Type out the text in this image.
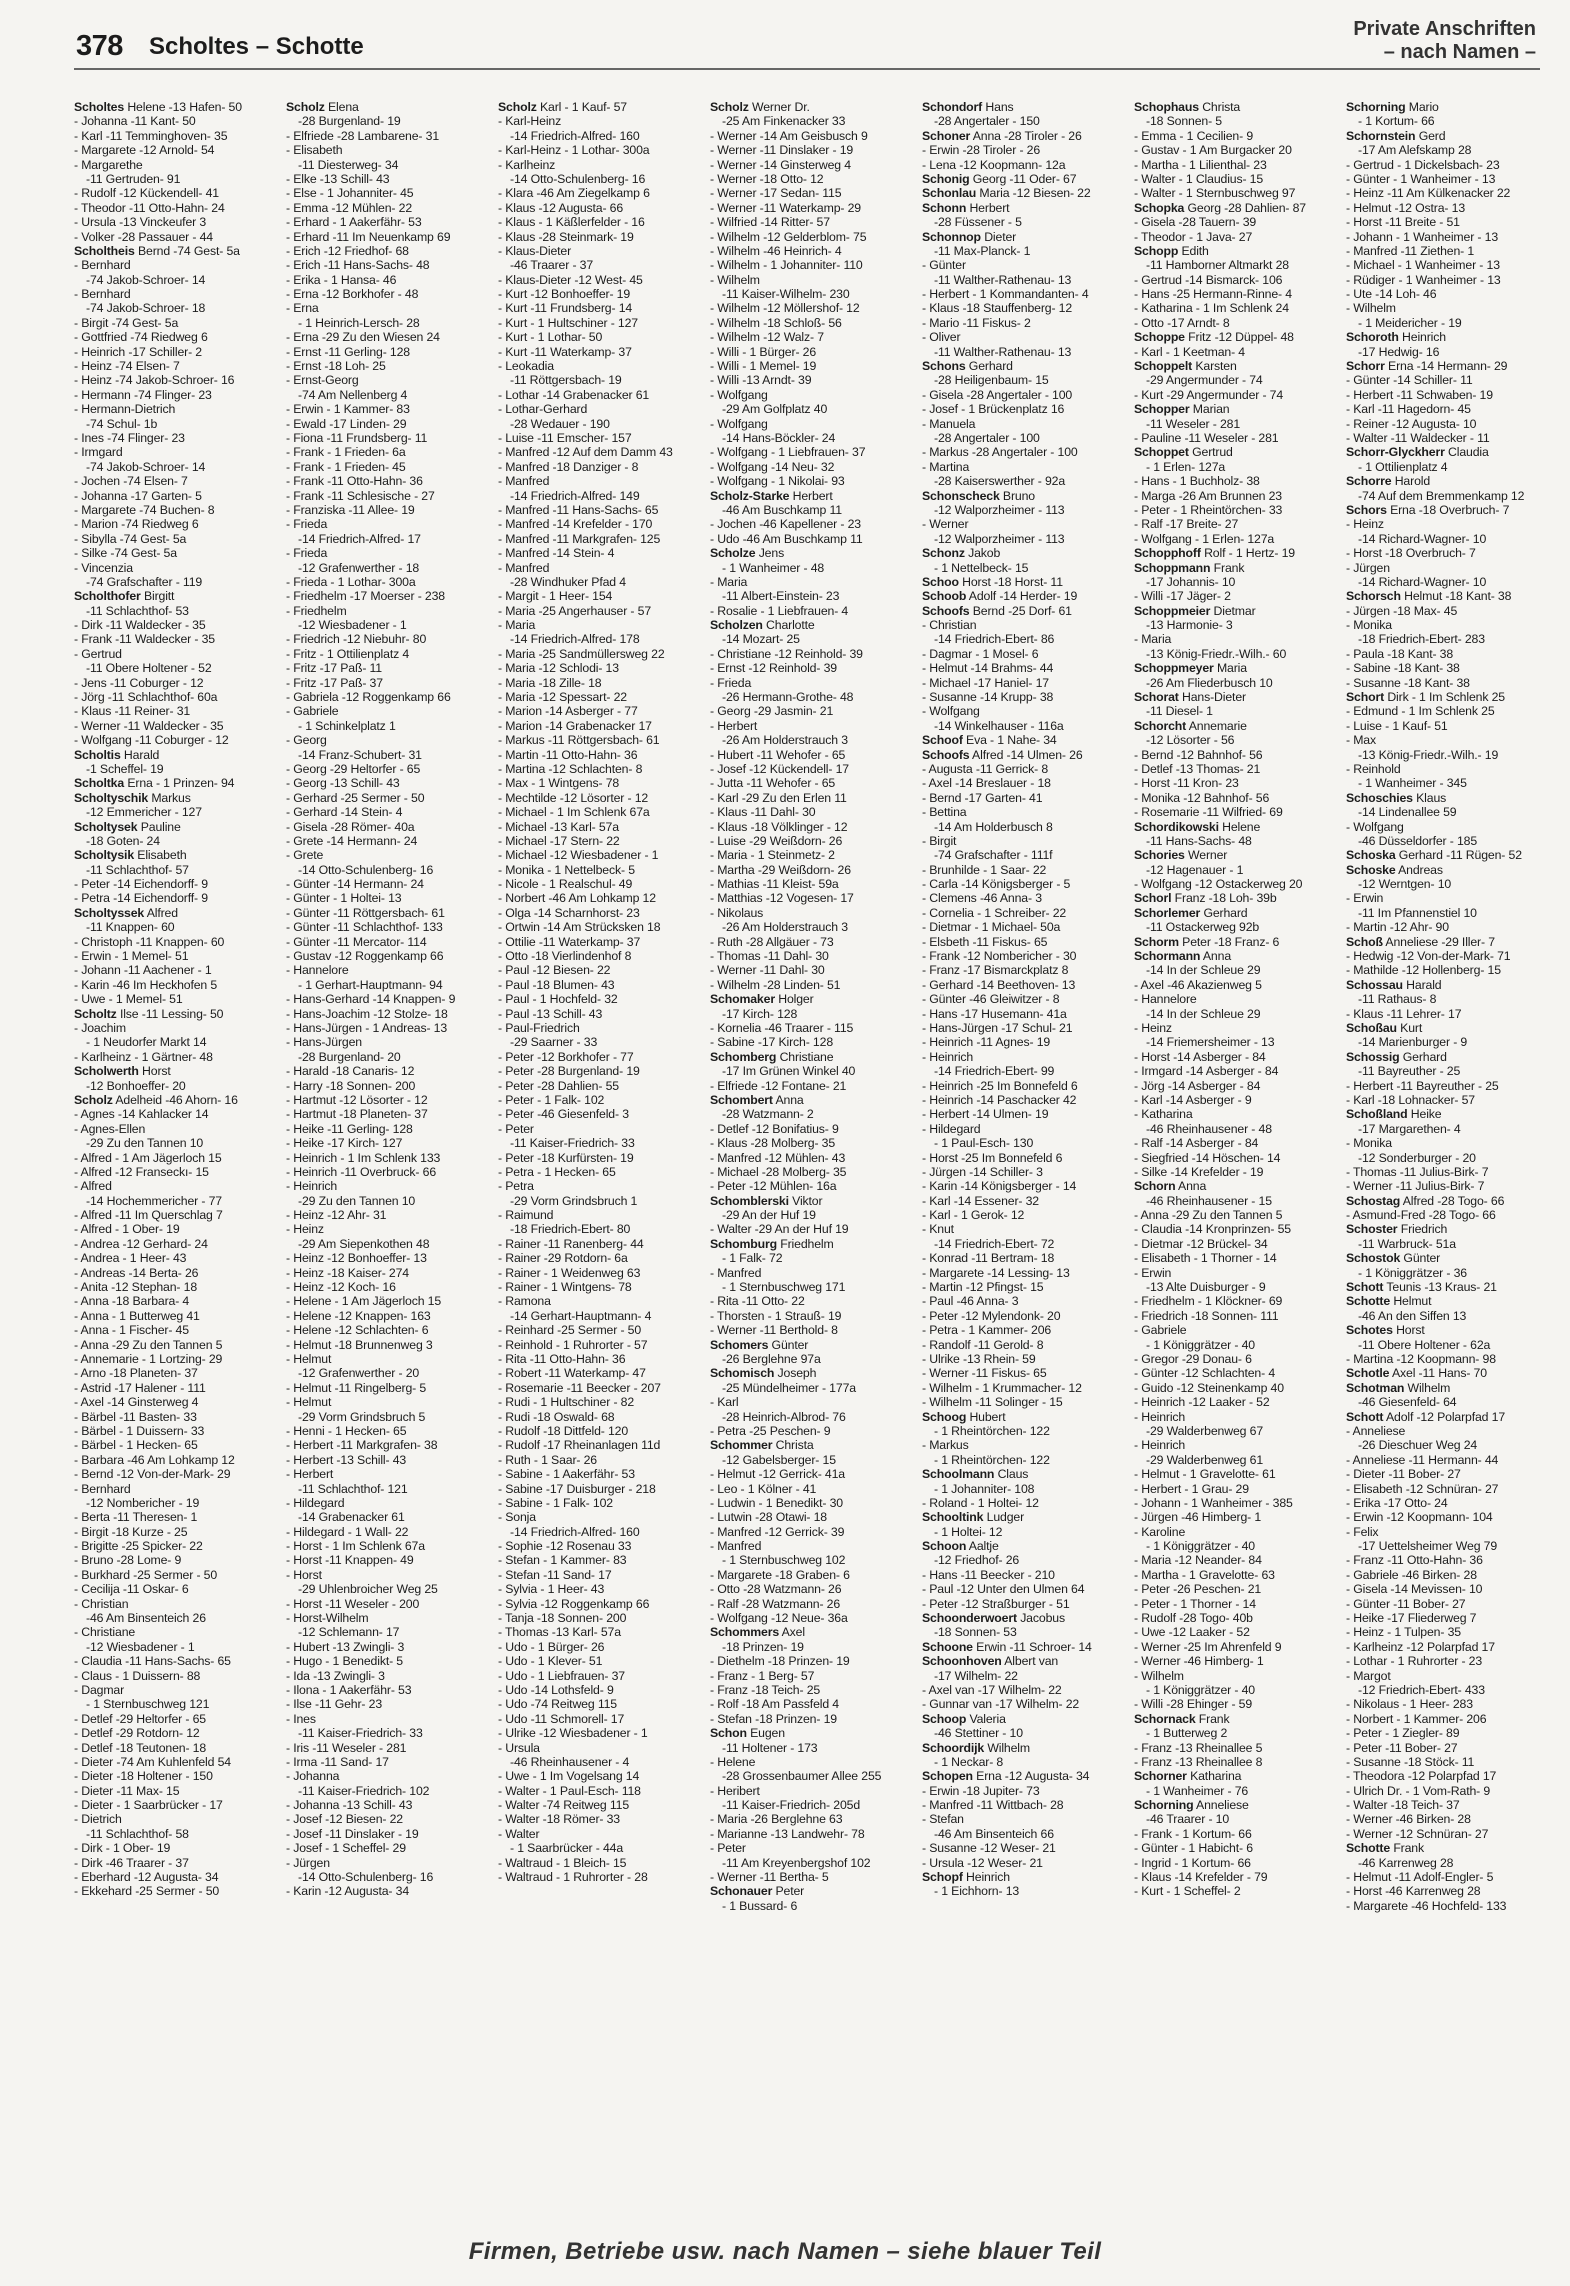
378 Scholtes – Schotte
Private Anschriften
– nach Namen –
Scholtes Helene -13 Hafen- 50
- Johanna -11 Kant- 50
- Karl -11 Temminghoven- 35
- Margarete -12 Arnold- 54
- Margarethe
-11 Gertruden- 91
- Rudolf -12 Kückendell- 41
- Theodor -11 Otto-Hahn- 24
- Ursula -13 Vinckeufer 3
- Volker -28 Passauer - 44
Scholtheis Bernd -74 Gest- 5a
- Bernhard
-74 Jakob-Schroer- 14
- Bernhard
-74 Jakob-Schroer- 18
- Birgit -74 Gest- 5a
- Gottfried -74 Riedweg 6
- Heinrich -17 Schiller- 2
- Heinz -74 Elsen- 7
- Heinz -74 Jakob-Schroer- 16
- Hermann -74 Flinger- 23
- Hermann-Dietrich
-74 Schul- 1b
- Ines -74 Flinger- 23
- Irmgard
-74 Jakob-Schroer- 14
- Jochen -74 Elsen- 7
- Johanna -17 Garten- 5
- Margarete -74 Buchen- 8
- Marion -74 Riedweg 6
- Sibylla -74 Gest- 5a
- Silke -74 Gest- 5a
- Vincenzia
-74 Grafschafter - 119
Scholthofer Birgitt
-11 Schlachthof- 53
- Dirk -11 Waldecker - 35
- Frank -11 Waldecker - 35
- Gertrud
-11 Obere Holtener - 52
- Jens -11 Coburger - 12
- Jörg -11 Schlachthof- 60a
- Klaus -11 Reiner- 31
- Werner -11 Waldecker - 35
- Wolfgang -11 Coburger - 12
Scholtis Harald
-1 Scheffel- 19
Scholtka Erna - 1 Prinzen- 94
Scholtyschik Markus
-12 Emmericher - 127
Scholtysek Pauline
-18 Goten- 24
Scholtysik Elisabeth
-11 Schlachthof- 57
- Peter -14 Eichendorff- 9
- Petra -14 Eichendorff- 9
Scholtyssek Alfred
-11 Knappen- 60
- Christoph -11 Knappen- 60
- Erwin - 1 Memel- 51
- Johann -11 Aachener - 1
- Karin -46 Im Heckhofen 5
- Uwe - 1 Memel- 51
Scholtz Ilse -11 Lessing- 50
- Joachim
- 1 Neudorfer Markt 14
- Karlheinz - 1 Gärtner- 48
Scholwerth Horst
-12 Bonhoeffer- 20
Scholz Adelheid -46 Ahorn- 16
- Agnes -14 Kahlacker 14
- Agnes-Ellen
-29 Zu den Tannen 10
- Alfred - 1 Am Jägerloch 15
- Alfred -12 Franseckı- 15
- Alfred
-14 Hochemmericher - 77
- Alfred -11 Im Querschlag 7
- Alfred - 1 Ober- 19
- Andrea -12 Gerhard- 24
- Andrea - 1 Heer- 43
- Andreas -14 Berta- 26
- Anita -12 Stephan- 18
- Anna -18 Barbara- 4
- Anna - 1 Butterweg 41
- Anna - 1 Fischer- 45
- Anna -29 Zu den Tannen 5
- Annemarie - 1 Lortzing- 29
- Arno -18 Planeten- 37
- Astrid -17 Halener - 111
- Axel -14 Ginsterweg 4
- Bärbel -11 Basten- 33
- Bärbel - 1 Duissern- 33
- Bärbel - 1 Hecken- 65
- Barbara -46 Am Lohkamp 12
- Bernd -12 Von-der-Mark- 29
- Bernhard
-12 Nombericher - 19
- Berta -11 Theresen- 1
- Birgit -18 Kurze - 25
- Brigitte -25 Spicker- 22
- Bruno -28 Lome- 9
- Burkhard -25 Sermer - 50
- Cecilija -11 Oskar- 6
- Christian
-46 Am Binsenteich 26
- Christiane
-12 Wiesbadener - 1
- Claudia -11 Hans-Sachs- 65
- Claus - 1 Duissern- 88
- Dagmar
- 1 Sternbuschweg 121
- Detlef -29 Heltorfer - 65
- Detlef -29 Rotdorn- 12
- Detlef -18 Teutonen- 18
- Dieter -74 Am Kuhlenfeld 54
- Dieter -18 Holtener - 150
- Dieter -11 Max- 15
- Dieter - 1 Saarbrücker - 17
- Dietrich
-11 Schlachthof- 58
- Dirk - 1 Ober- 19
- Dirk -46 Traarer - 37
- Eberhard -12 Augusta- 34
- Ekkehard -25 Sermer - 50
Scholz Elena
-28 Burgenland- 19
- Elfriede -28 Lambarene- 31
- Elisabeth
-11 Diesterweg- 34
- Elke -13 Schill- 43
- Else - 1 Johanniter- 45
- Emma -12 Mühlen- 22
- Erhard - 1 Aakerfähr- 53
- Erhard -11 Im Neuenkamp 69
- Erich -12 Friedhof- 68
- Erich -11 Hans-Sachs- 48
- Erika - 1 Hansa- 46
- Erna -12 Borkhofer - 48
- Erna
- 1 Heinrich-Lersch- 28
- Erna -29 Zu den Wiesen 24
- Ernst -11 Gerling- 128
- Ernst -18 Loh- 25
- Ernst-Georg
-74 Am Nellenberg 4
- Erwin - 1 Kammer- 83
- Ewald -17 Linden- 29
- Fiona -11 Frundsberg- 11
- Frank - 1 Frieden- 6a
- Frank - 1 Frieden- 45
- Frank -11 Otto-Hahn- 36
- Frank -11 Schlesische - 27
- Franziska -11 Allee- 19
- Frieda
-14 Friedrich-Alfred- 17
- Frieda
-12 Grafenwerther - 18
- Frieda - 1 Lothar- 300a
- Friedhelm -17 Moerser - 238
- Friedhelm
-12 Wiesbadener - 1
- Friedrich -12 Niebuhr- 80
- Fritz - 1 Ottilienplatz 4
- Fritz -17 Paß- 11
- Fritz -17 Paß- 37
- Gabriela -12 Roggenkamp 66
- Gabriele
- 1 Schinkelplatz 1
- Georg
-14 Franz-Schubert- 31
- Georg -29 Heltorfer - 65
- Georg -13 Schill- 43
- Gerhard -25 Sermer - 50
- Gerhard -14 Stein- 4
- Gisela -28 Römer- 40a
- Grete -14 Hermann- 24
- Grete
-14 Otto-Schulenberg- 16
- Günter -14 Hermann- 24
- Günter - 1 Holtei- 13
- Günter -11 Röttgersbach- 61
- Günter -11 Schlachthof- 133
- Günter -11 Mercator- 114
- Gustav -12 Roggenkamp 66
- Hannelore
- 1 Gerhart-Hauptmann- 94
- Hans-Gerhard -14 Knappen- 9
- Hans-Joachim -12 Stolze- 18
- Hans-Jürgen - 1 Andreas- 13
- Hans-Jürgen
-28 Burgenland- 20
- Harald -18 Canaris- 12
- Harry -18 Sonnen- 200
- Hartmut -12 Lösorter - 12
- Hartmut -18 Planeten- 37
- Heike -11 Gerling- 128
- Heike -17 Kirch- 127
- Heinrich - 1 Im Schlenk 133
- Heinrich -11 Overbruck- 66
- Heinrich
-29 Zu den Tannen 10
- Heinz -12 Ahr- 31
- Heinz
-29 Am Siepenkothen 48
- Heinz -12 Bonhoeffer- 13
- Heinz -18 Kaiser- 274
- Heinz -12 Koch- 16
- Helene - 1 Am Jägerloch 15
- Helene -12 Knappen- 163
- Helene -12 Schlachten- 6
- Helmut -18 Brunnenweg 3
- Helmut
-12 Grafenwerther - 20
- Helmut -11 Ringelberg- 5
- Helmut
-29 Vorm Grindsbruch 5
- Henni - 1 Hecken- 65
- Herbert -11 Markgrafen- 38
- Herbert -13 Schill- 43
- Herbert
-11 Schlachthof- 121
- Hildegard
-14 Grabenacker 61
- Hildegard - 1 Wall- 22
- Horst - 1 Im Schlenk 67a
- Horst -11 Knappen- 49
- Horst
-29 Uhlenbroicher Weg 25
- Horst -11 Weseler - 200
- Horst-Wilhelm
-12 Schlemann- 17
- Hubert -13 Zwingli- 3
- Hugo - 1 Benedikt- 5
- Ida -13 Zwingli- 3
- Ilona - 1 Aakerfähr- 53
- Ilse -11 Gehr- 23
- Ines
-11 Kaiser-Friedrich- 33
- Iris -11 Weseler - 281
- Irma -11 Sand- 17
- Johanna
-11 Kaiser-Friedrich- 102
- Johanna -13 Schill- 43
- Josef -12 Biesen- 22
- Josef -11 Dinslaker - 19
- Josef - 1 Scheffel- 29
- Jürgen
-14 Otto-Schulenberg- 16
- Karin -12 Augusta- 34
Scholz Karl - 1 Kauf- 57
- Karl-Heinz
-14 Friedrich-Alfred- 160
- Karl-Heinz - 1 Lothar- 300a
- Karlheinz
-14 Otto-Schulenberg- 16
- Klara -46 Am Ziegelkamp 6
- Klaus -12 Augusta- 66
- Klaus - 1 Käßlerfelder - 16
- Klaus -28 Steinmark- 19
- Klaus-Dieter
-46 Traarer - 37
- Klaus-Dieter -12 West- 45
- Kurt -12 Bonhoeffer- 19
- Kurt -11 Frundsberg- 14
- Kurt - 1 Hultschiner - 127
- Kurt - 1 Lothar- 50
- Kurt -11 Waterkamp- 37
- Leokadia
-11 Röttgersbach- 19
- Lothar -14 Grabenacker 61
- Lothar-Gerhard
-28 Wedauer - 190
- Luise -11 Emscher- 157
- Manfred -12 Auf dem Damm 43
- Manfred -18 Danziger - 8
- Manfred
-14 Friedrich-Alfred- 149
- Manfred -11 Hans-Sachs- 65
- Manfred -14 Krefelder - 170
- Manfred -11 Markgrafen- 125
- Manfred -14 Stein- 4
- Manfred
-28 Windhuker Pfad 4
- Margit - 1 Heer- 154
- Maria -25 Angerhauser - 57
- Maria
-14 Friedrich-Alfred- 178
- Maria -25 Sandmüllersweg 22
- Maria -12 Schlodi- 13
- Maria -18 Zille- 18
- Maria -12 Spessart- 22
- Marion -14 Asberger - 77
- Marion -14 Grabenacker 17
- Markus -11 Röttgersbach- 61
- Martin -11 Otto-Hahn- 36
- Martina -12 Schlachten- 8
- Max - 1 Wintgens- 78
- Mechtilde -12 Lösorter - 12
- Michael - 1 Im Schlenk 67a
- Michael -13 Karl- 57a
- Michael -17 Stern- 22
- Michael -12 Wiesbadener - 1
- Monika - 1 Nettelbeck- 5
- Nicole - 1 Realschul- 49
- Norbert -46 Am Lohkamp 12
- Olga -14 Scharnhorst- 23
- Ortwin -14 Am Strücksken 18
- Ottilie -11 Waterkamp- 37
- Otto -18 Vierlindenhof 8
- Paul -12 Biesen- 22
- Paul -18 Blumen- 43
- Paul - 1 Hochfeld- 32
- Paul -13 Schill- 43
- Paul-Friedrich
-29 Saarner - 33
- Peter -12 Borkhofer - 77
- Peter -28 Burgenland- 19
- Peter -28 Dahlien- 55
- Peter - 1 Falk- 102
- Peter -46 Giesenfeld- 3
- Peter
-11 Kaiser-Friedrich- 33
- Peter -18 Kurfürsten- 19
- Petra - 1 Hecken- 65
- Petra
-29 Vorm Grindsbruch 1
- Raimund
-18 Friedrich-Ebert- 80
- Rainer -11 Ranenberg- 44
- Rainer -29 Rotdorn- 6a
- Rainer - 1 Weidenweg 63
- Rainer - 1 Wintgens- 78
- Ramona
-14 Gerhart-Hauptmann- 4
- Reinhard -25 Sermer - 50
- Reinhold - 1 Ruhrorter - 57
- Rita -11 Otto-Hahn- 36
- Robert -11 Waterkamp- 47
- Rosemarie -11 Beecker - 207
- Rudi - 1 Hultschiner - 82
- Rudi -18 Oswald- 68
- Rudolf -18 Dittfeld- 120
- Rudolf -17 Rheinanlagen 11d
- Ruth - 1 Saar- 26
- Sabine - 1 Aakerfähr- 53
- Sabine -17 Duisburger - 218
- Sabine - 1 Falk- 102
- Sonja
-14 Friedrich-Alfred- 160
- Sophie -12 Rosenau 33
- Stefan - 1 Kammer- 83
- Stefan -11 Sand- 17
- Sylvia - 1 Heer- 43
- Sylvia -12 Roggenkamp 66
- Tanja -18 Sonnen- 200
- Thomas -13 Karl- 57a
- Udo - 1 Bürger- 26
- Udo - 1 Klever- 51
- Udo - 1 Liebfrauen- 37
- Udo -14 Lothsfeld- 9
- Udo -74 Reitweg 115
- Udo -11 Schmorell- 17
- Ulrike -12 Wiesbadener - 1
- Ursula
-46 Rheinhausener - 4
- Uwe - 1 Im Vogelsang 14
- Walter - 1 Paul-Esch- 118
- Walter -74 Reitweg 115
- Walter -18 Römer- 33
- Walter
- 1 Saarbrücker - 44a
- Waltraud - 1 Bleich- 15
- Waltraud - 1 Ruhrorter - 28
Scholz Werner Dr.
-25 Am Finkenacker 33
- Werner -14 Am Geisbusch 9
- Werner -11 Dinslaker - 19
- Werner -14 Ginsterweg 4
- Werner -18 Otto- 12
- Werner -17 Sedan- 115
- Werner -11 Waterkamp- 29
- Wilfried -14 Ritter- 57
- Wilhelm -12 Gelderblom- 75
- Wilhelm -46 Heinrich- 4
- Wilhelm - 1 Johanniter- 110
- Wilhelm
-11 Kaiser-Wilhelm- 230
- Wilhelm -12 Möllershof- 12
- Wilhelm -18 Schloß- 56
- Wilhelm -12 Walz- 7
- Willi - 1 Bürger- 26
- Willi - 1 Memel- 19
- Willi -13 Arndt- 39
- Wolfgang
-29 Am Golfplatz 40
- Wolfgang
-14 Hans-Böckler- 24
- Wolfgang - 1 Liebfrauen- 37
- Wolfgang -14 Neu- 32
- Wolfgang - 1 Nikolai- 93
Scholz-Starke Herbert
-46 Am Buschkamp 11
- Jochen -46 Kapellener - 23
- Udo -46 Am Buschkamp 11
Scholze Jens
- 1 Wanheimer - 48
- Maria
-11 Albert-Einstein- 23
- Rosalie - 1 Liebfrauen- 4
Scholzen Charlotte
-14 Mozart- 25
- Christiane -12 Reinhold- 39
- Ernst -12 Reinhold- 39
- Frieda
-26 Hermann-Grothe- 48
- Georg -29 Jasmin- 21
- Herbert
-26 Am Holderstrauch 3
- Hubert -11 Wehofer - 65
- Josef -12 Kückendell- 17
- Jutta -11 Wehofer - 65
- Karl -29 Zu den Erlen 11
- Klaus -11 Dahl- 30
- Klaus -18 Völklinger - 12
- Luise -29 Weißdorn- 26
- Maria - 1 Steinmetz- 2
- Martha -29 Weißdorn- 26
- Mathias -11 Kleist- 59a
- Matthias -12 Vogesen- 17
- Nikolaus
-26 Am Holderstrauch 3
- Ruth -28 Allgäuer - 73
- Thomas -11 Dahl- 30
- Werner -11 Dahl- 30
- Wilhelm -28 Linden- 51
Schomaker Holger
-17 Kirch- 128
- Kornelia -46 Traarer - 115
- Sabine -17 Kirch- 128
Schomberg Christiane
-17 Im Grünen Winkel 40
- Elfriede -12 Fontane- 21
Schombert Anna
-28 Watzmann- 2
- Detlef -12 Bonifatius- 9
- Klaus -28 Molberg- 35
- Manfred -12 Mühlen- 43
- Michael -28 Molberg- 35
- Peter -12 Mühlen- 16a
Schomblerski Viktor
-29 An der Huf 19
- Walter -29 An der Huf 19
Schomburg Friedhelm
- 1 Falk- 72
- Manfred
- 1 Sternbuschweg 171
- Rita -11 Otto- 22
- Thorsten - 1 Strauß- 19
- Werner -11 Berthold- 8
Schomers Günter
-26 Berglehne 97a
Schomisch Joseph
-25 Mündelheimer - 177a
- Karl
-28 Heinrich-Albrod- 76
- Petra -25 Peschen- 9
Schommer Christa
-12 Gabelsberger- 15
- Helmut -12 Gerrick- 41a
- Leo - 1 Kölner - 41
- Ludwin - 1 Benedikt- 30
- Lutwin -28 Otawi- 18
- Manfred -12 Gerrick- 39
- Manfred
- 1 Sternbuschweg 102
- Margarete -18 Graben- 6
- Otto -28 Watzmann- 26
- Ralf -28 Watzmann- 26
- Wolfgang -12 Neue- 36a
Schommers Axel
-18 Prinzen- 19
- Diethelm -18 Prinzen- 19
- Franz - 1 Berg- 57
- Franz -18 Teich- 25
- Rolf -18 Am Passfeld 4
- Stefan -18 Prinzen- 19
Schon Eugen
-11 Holtener - 173
- Helene
-28 Grossenbaumer Allee 255
- Heribert
-11 Kaiser-Friedrich- 205d
- Maria -26 Berglehne 63
- Marianne -13 Landwehr- 78
- Peter
-11 Am Kreyenbergshof 102
- Werner -11 Bertha- 5
Schonauer Peter
- 1 Bussard- 6
Schondorf Hans
-28 Angertaler - 150
Schoner Anna -28 Tiroler - 26
- Erwin -28 Tiroler - 26
- Lena -12 Koopmann- 12a
Schonig Georg -11 Oder- 67
Schonlau Maria -12 Biesen- 22
Schonn Herbert
-28 Füssener - 5
Schonnop Dieter
-11 Max-Planck- 1
- Günter
-11 Walther-Rathenau- 13
- Herbert - 1 Kommandanten- 4
- Klaus -18 Stauffenberg- 12
- Mario -11 Fiskus- 2
- Oliver
-11 Walther-Rathenau- 13
Schons Gerhard
-28 Heiligenbaum- 15
- Gisela -28 Angertaler - 100
- Josef - 1 Brückenplatz 16
- Manuela
-28 Angertaler - 100
- Markus -28 Angertaler - 100
- Martina
-28 Kaiserswerther - 92a
Schonscheck Bruno
-12 Walporzheimer - 113
- Werner
-12 Walporzheimer - 113
Schonz Jakob
- 1 Nettelbeck- 15
Schoo Horst -18 Horst- 11
Schoob Adolf -14 Herder- 19
Schoofs Bernd -25 Dorf- 61
- Christian
-14 Friedrich-Ebert- 86
- Dagmar - 1 Mosel- 6
- Helmut -14 Brahms- 44
- Michael -17 Haniel- 17
- Susanne -14 Krupp- 38
- Wolfgang
-14 Winkelhauser - 116a
Schoof Eva - 1 Nahe- 34
Schoofs Alfred -14 Ulmen- 26
- Augusta -11 Gerrick- 8
- Axel -14 Breslauer - 18
- Bernd -17 Garten- 41
- Bettina
-14 Am Holderbusch 8
- Birgit
-74 Grafschafter - 111f
- Brunhilde - 1 Saar- 22
- Carla -14 Königsberger - 5
- Clemens -46 Anna- 3
- Cornelia - 1 Schreiber- 22
- Dietmar - 1 Michael- 50a
- Elsbeth -11 Fiskus- 65
- Frank -12 Nombericher - 30
- Franz -17 Bismarckplatz 8
- Gerhard -14 Beethoven- 13
- Günter -46 Gleiwitzer - 8
- Hans -17 Husemann- 41a
- Hans-Jürgen -17 Schul- 21
- Heinrich -11 Agnes- 19
- Heinrich
-14 Friedrich-Ebert- 99
- Heinrich -25 Im Bonnefeld 6
- Heinrich -14 Paschacker 42
- Herbert -14 Ulmen- 19
- Hildegard
- 1 Paul-Esch- 130
- Horst -25 Im Bonnefeld 6
- Jürgen -14 Schiller- 3
- Karin -14 Königsberger - 14
- Karl -14 Essener- 32
- Karl - 1 Gerok- 12
- Knut
-14 Friedrich-Ebert- 72
- Konrad -11 Bertram- 18
- Margarete -14 Lessing- 13
- Martin -12 Pfingst- 15
- Paul -46 Anna- 3
- Peter -12 Mylendonk- 20
- Petra - 1 Kammer- 206
- Randolf -11 Gerold- 8
- Ulrike -13 Rhein- 59
- Werner -11 Fiskus- 65
- Wilhelm - 1 Krummacher- 12
- Wilhelm -11 Solinger - 15
Schoog Hubert
- 1 Rheintörchen- 122
- Markus
- 1 Rheintörchen- 122
Schoolmann Claus
- 1 Johanniter- 108
- Roland - 1 Holtei- 12
Schooltink Ludger
- 1 Holtei- 12
Schoon Aaltje
-12 Friedhof- 26
- Hans -11 Beecker - 210
- Paul -12 Unter den Ulmen 64
- Peter -12 Straßburger - 51
Schoonderwoert Jacobus
-18 Sonnen- 53
Schoone Erwin -11 Schroer- 14
Schoonhoven Albert van
-17 Wilhelm- 22
- Axel van -17 Wilhelm- 22
- Gunnar van -17 Wilhelm- 22
Schoop Valeria
-46 Stettiner - 10
Schoordijk Wilhelm
- 1 Neckar- 8
Schopen Erna -12 Augusta- 34
- Erwin -18 Jupiter- 73
- Manfred -11 Wittbach- 28
- Stefan
-46 Am Binsenteich 66
- Susanne -12 Weser- 21
- Ursula -12 Weser- 21
Schopf Heinrich
- 1 Eichhorn- 13
Schophaus Christa
-18 Sonnen- 5
- Emma - 1 Cecilien- 9
- Gustav - 1 Am Burgacker 20
- Martha - 1 Lilienthal- 23
- Walter - 1 Claudius- 15
- Walter - 1 Sternbuschweg 97
Schopka Georg -28 Dahlien- 87
- Gisela -28 Tauern- 39
- Theodor - 1 Java- 27
Schopp Edith
-11 Hamborner Altmarkt 28
- Gertrud -14 Bismarck- 106
- Hans -25 Hermann-Rinne- 4
- Katharina - 1 Im Schlenk 24
- Otto -17 Arndt- 8
Schoppe Fritz -12 Düppel- 48
- Karl - 1 Keetman- 4
Schoppelt Karsten
-29 Angermunder - 74
- Kurt -29 Angermunder - 74
Schopper Marian
-11 Weseler - 281
- Pauline -11 Weseler - 281
Schoppet Gertrud
- 1 Erlen- 127a
- Hans - 1 Buchholz- 38
- Marga -26 Am Brunnen 23
- Peter - 1 Rheintörchen- 33
- Ralf -17 Breite- 27
- Wolfgang - 1 Erlen- 127a
Schopphoff Rolf - 1 Hertz- 19
Schoppmann Frank
-17 Johannis- 10
- Willi -17 Jäger- 2
Schoppmeier Dietmar
-13 Harmonie- 3
- Maria
-13 König-Friedr.-Wilh.- 60
Schoppmeyer Maria
-26 Am Fliederbusch 10
Schorat Hans-Dieter
-11 Diesel- 1
Schorcht Annemarie
-12 Lösorter - 56
- Bernd -12 Bahnhof- 56
- Detlef -13 Thomas- 21
- Horst -11 Kron- 23
- Monika -12 Bahnhof- 56
- Rosemarie -11 Wilfried- 69
Schordikowski Helene
-11 Hans-Sachs- 48
Schories Werner
-12 Hagenauer - 1
- Wolfgang -12 Ostackerweg 20
Schorl Franz -18 Loh- 39b
Schorlemer Gerhard
-11 Ostackerweg 92b
Schorm Peter -18 Franz- 6
Schormann Anna
-14 In der Schleue 29
- Axel -46 Akazienweg 5
- Hannelore
-14 In der Schleue 29
- Heinz
-14 Friemersheimer - 13
- Horst -14 Asberger - 84
- Irmgard -14 Asberger - 84
- Jörg -14 Asberger - 84
- Karl -14 Asberger - 9
- Katharina
-46 Rheinhausener - 48
- Ralf -14 Asberger - 84
- Siegfried -14 Höschen- 14
- Silke -14 Krefelder - 19
Schorn Anna
-46 Rheinhausener - 15
- Anna -29 Zu den Tannen 5
- Claudia -14 Kronprinzen- 55
- Dietmar -12 Brückel- 34
- Elisabeth - 1 Thorner - 14
- Erwin
-13 Alte Duisburger - 9
- Friedhelm - 1 Klöckner- 69
- Friedrich -18 Sonnen- 111
- Gabriele
- 1 Königgrätzer - 40
- Gregor -29 Donau- 6
- Günter -12 Schlachten- 4
- Guido -12 Steinenkamp 40
- Heinrich -12 Laaker - 52
- Heinrich
-29 Walderbenweg 67
- Heinrich
-29 Walderbenweg 61
- Helmut - 1 Gravelotte- 61
- Herbert - 1 Grau- 29
- Johann - 1 Wanheimer - 385
- Jürgen -46 Himberg- 1
- Karoline
- 1 Königgrätzer - 40
- Maria -12 Neander- 84
- Martha - 1 Gravelotte- 63
- Peter -26 Peschen- 21
- Peter - 1 Thorner - 14
- Rudolf -28 Togo- 40b
- Uwe -12 Laaker - 52
- Werner -25 Im Ahrenfeld 9
- Werner -46 Himberg- 1
- Wilhelm
- 1 Königgrätzer - 40
- Willi -28 Ehinger - 59
Schornack Frank
- 1 Butterweg 2
- Franz -13 Rheinallee 5
- Franz -13 Rheinallee 8
Schorner Katharina
- 1 Wanheimer - 76
Schorning Anneliese
-46 Traarer - 10
- Frank - 1 Kortum- 66
- Günter - 1 Habicht- 6
- Ingrid - 1 Kortum- 66
- Klaus -14 Krefelder - 79
- Kurt - 1 Scheffel- 2
Schorning Mario
- 1 Kortum- 66
Schornstein Gerd
-17 Am Alefskamp 28
- Gertrud - 1 Dickelsbach- 23
- Günter - 1 Wanheimer - 13
- Heinz -11 Am Külkenacker 22
- Helmut -12 Ostra- 13
- Horst -11 Breite - 51
- Johann - 1 Wanheimer - 13
- Manfred -11 Ziethen- 1
- Michael - 1 Wanheimer - 13
- Rüdiger - 1 Wanheimer - 13
- Ute -14 Loh- 46
- Wilhelm
- 1 Meidericher - 19
Schoroth Heinrich
-17 Hedwig- 16
Schorr Erna -14 Hermann- 29
- Günter -14 Schiller- 11
- Herbert -11 Schwaben- 19
- Karl -11 Hagedorn- 45
- Reiner -12 Augusta- 10
- Walter -11 Waldecker - 11
Schorr-Glyckherr Claudia
- 1 Ottilienplatz 4
Schorre Harold
-74 Auf dem Bremmenkamp 12
Schors Erna -18 Overbruch- 7
- Heinz
-14 Richard-Wagner- 10
- Horst -18 Overbruch- 7
- Jürgen
-14 Richard-Wagner- 10
Schorsch Helmut -18 Kant- 38
- Jürgen -18 Max- 45
- Monika
-18 Friedrich-Ebert- 283
- Paula -18 Kant- 38
- Sabine -18 Kant- 38
- Susanne -18 Kant- 38
Schort Dirk - 1 Im Schlenk 25
- Edmund - 1 Im Schlenk 25
- Luise - 1 Kauf- 51
- Max
-13 König-Friedr.-Wilh.- 19
- Reinhold
- 1 Wanheimer - 345
Schoschies Klaus
-14 Lindenallee 59
- Wolfgang
-46 Düsseldorfer - 185
Schoska Gerhard -11 Rügen- 52
Schoske Andreas
-12 Werntgen- 10
- Erwin
-11 Im Pfannenstiel 10
- Martin -12 Ahr- 90
Schoß Anneliese -29 Iller- 7
- Hedwig -12 Von-der-Mark- 71
- Mathilde -12 Hollenberg- 15
Schossau Harald
-11 Rathaus- 8
- Klaus -11 Lehrer- 17
Schoßau Kurt
-14 Marienburger - 9
Schossig Gerhard
-11 Bayreuther - 25
- Herbert -11 Bayreuther - 25
- Karl -18 Lohnacker- 57
Schoßland Heike
-17 Margarethen- 4
- Monika
-12 Sonderburger - 20
- Thomas -11 Julius-Birk- 7
- Werner -11 Julius-Birk- 7
Schostag Alfred -28 Togo- 66
- Asmund-Fred -28 Togo- 66
Schoster Friedrich
-11 Warbruck- 51a
Schostok Günter
- 1 Königgrätzer - 36
Schott Teunis -13 Kraus- 21
Schotte Helmut
-46 An den Siffen 13
Schotes Horst
-11 Obere Holtener - 62a
- Martina -12 Koopmann- 98
Schotle Axel -11 Hans- 70
Schotman Wilhelm
-46 Giesenfeld- 64
Schott Adolf -12 Polarpfad 17
- Anneliese
-26 Dieschuer Weg 24
- Anneliese -11 Hermann- 44
- Dieter -11 Bober- 27
- Elisabeth -12 Schnüran- 27
- Erika -17 Otto- 24
- Erwin -12 Koopmann- 104
- Felix
-17 Uettelsheimer Weg 79
- Franz -11 Otto-Hahn- 36
- Gabriele -46 Birken- 28
- Gisela -14 Mevissen- 10
- Günter -11 Bober- 27
- Heike -17 Fliederweg 7
- Heinz - 1 Tulpen- 35
- Karlheinz -12 Polarpfad 17
- Lothar - 1 Ruhrorter - 23
- Margot
-12 Friedrich-Ebert- 433
- Nikolaus - 1 Heer- 283
- Norbert - 1 Kammer- 206
- Peter - 1 Ziegler- 89
- Peter -11 Bober- 27
- Susanne -18 Stöck- 11
- Theodora -12 Polarpfad 17
- Ulrich Dr. - 1 Vom-Rath- 9
- Walter -18 Teich- 37
- Werner -46 Birken- 28
- Werner -12 Schnüran- 27
Schotte Frank
-46 Karrenweg 28
- Helmut -11 Adolf-Engler- 5
- Horst -46 Karrenweg 28
- Margarete -46 Hochfeld- 133
Firmen, Betriebe usw. nach Namen – siehe blauer Teil
